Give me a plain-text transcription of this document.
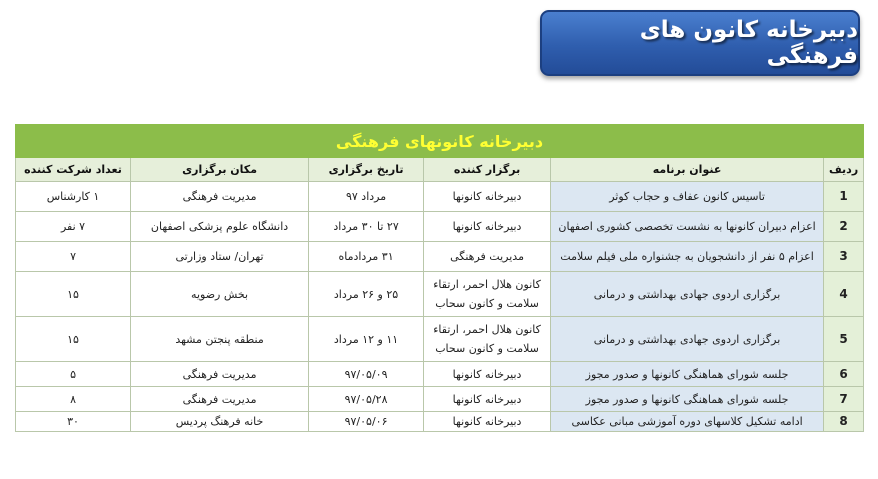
دبیرخانه کانون های فرهنگی
دبیرخانه کانونهای فرهنگی					
ردیف	عنوان برنامه	برگزار کننده	تاریخ برگزاری	مکان برگزاری	تعداد شرکت کننده
1	تاسیس کانون عفاف و حجاب کوثر	دبیرخانه کانونها	مرداد ۹۷	مدیریت فرهنگی	۱ کارشناس
2	اعزام دبیران کانونها به نشست تخصصی کشوری اصفهان	دبیرخانه کانونها	۲۷ تا ۳۰ مرداد	دانشگاه علوم پزشکی اصفهان	۷ نفر
3	اعزام ۵ نفر از دانشجویان به جشنواره ملی فیلم سلامت	مدیریت فرهنگی	۳۱ مردادماه	تهران/ ستاد وزارتی	۷
4	برگزاری اردوی جهادی بهداشتی و درمانی	کانون هلال احمر، ارتقاء سلامت و کانون سحاب	۲۵ و ۲۶ مرداد	بخش رضویه	۱۵
5	برگزاری اردوی جهادی بهداشتی و درمانی	کانون هلال احمر، ارتقاء سلامت و کانون سحاب	۱۱ و ۱۲ مرداد	منطقه پنجتن مشهد	۱۵
6	جلسه شورای هماهنگی کانونها و صدور مجوز	دبیرخانه کانونها	۹۷/۰۵/۰۹	مدیریت فرهنگی	۵
7	جلسه شورای هماهنگی کانونها و صدور مجوز	دبیرخانه کانونها	۹۷/۰۵/۲۸	مدیریت فرهنگی	۸
8	ادامه تشکیل کلاسهای دوره آموزشی مبانی عکاسی	دبیرخانه کانونها	۹۷/۰۵/۰۶	خانه فرهنگ پردیس	۳۰
